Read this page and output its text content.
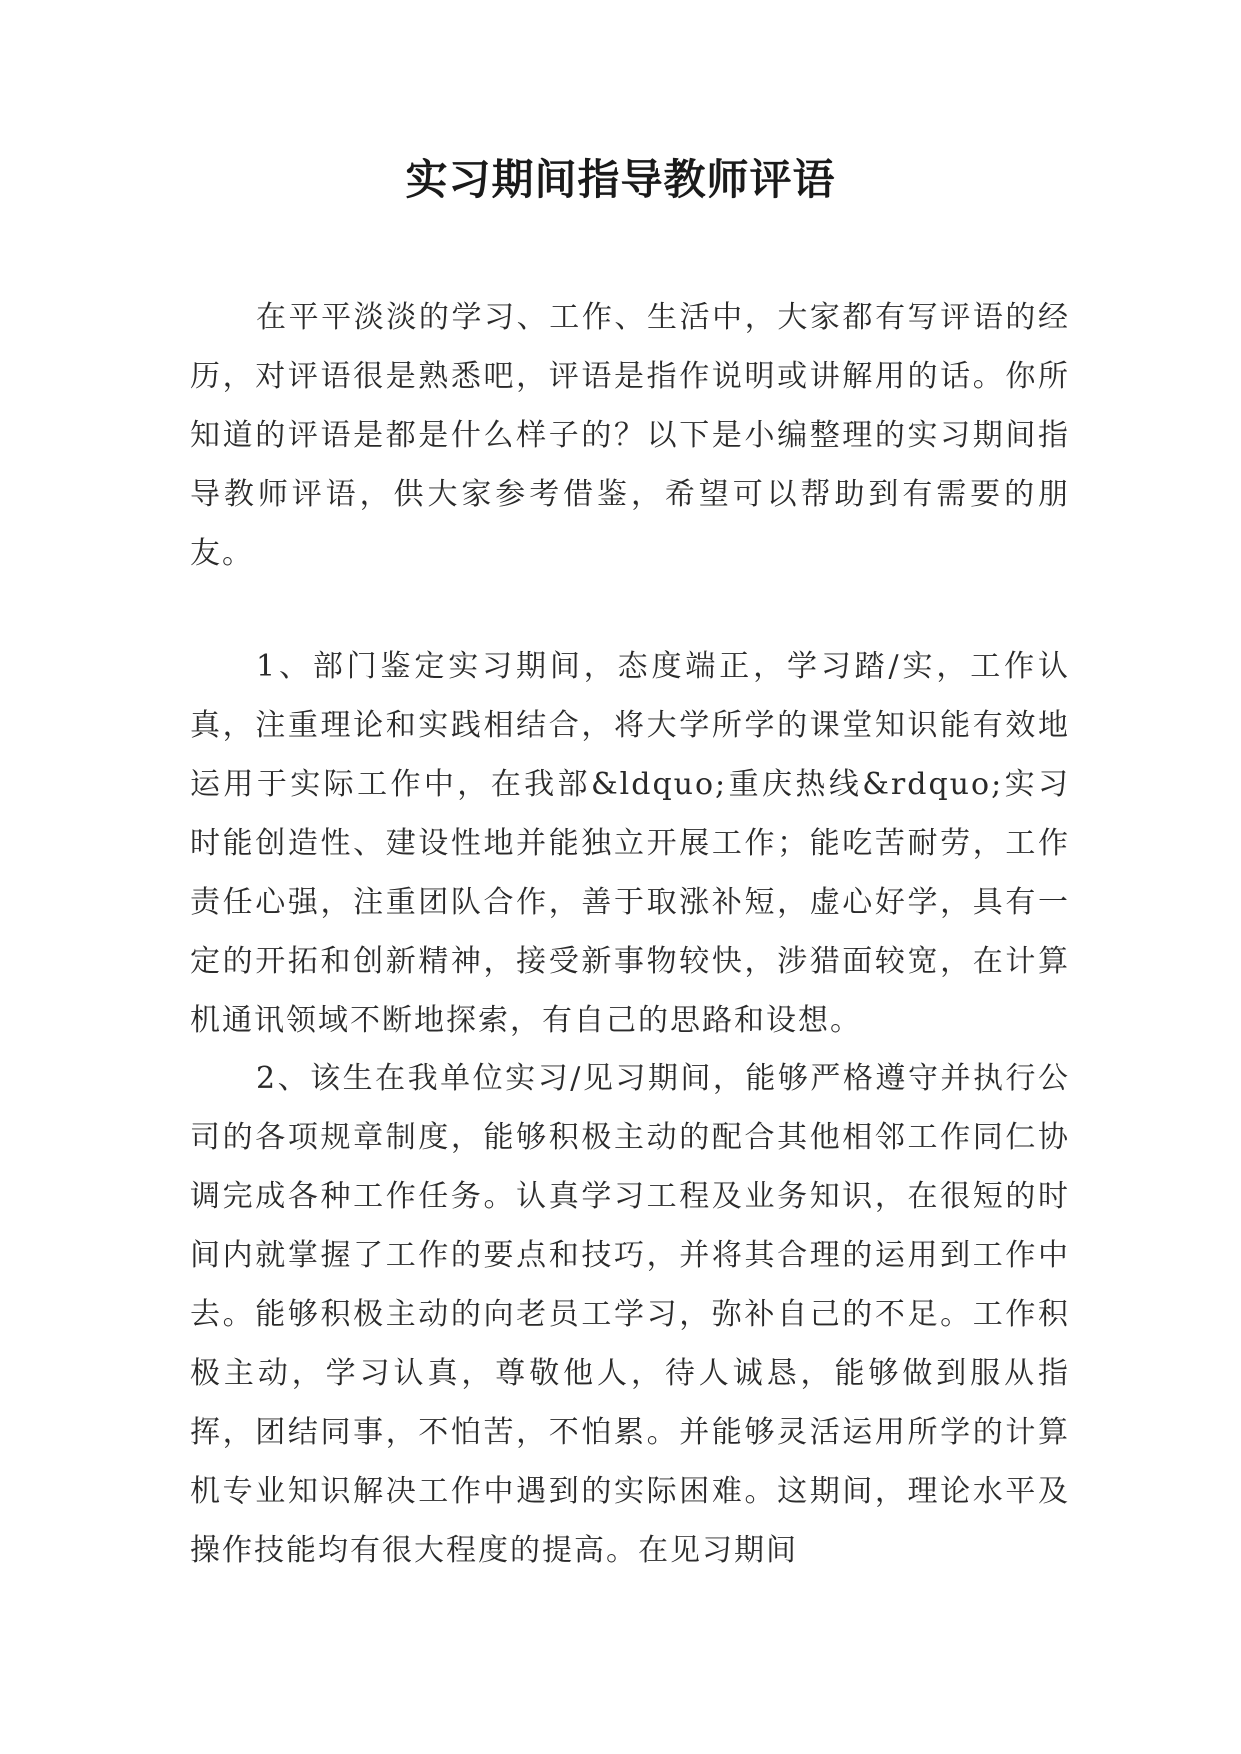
实习期间指导教师评语

在平平淡淡的学习、工作、生活中，大家都有写评语的经历，对评语很是熟悉吧，评语是指作说明或讲解用的话。你所知道的评语是都是什么样子的？以下是小编整理的实习期间指导教师评语，供大家参考借鉴，希望可以帮助到有需要的朋友。

1、部门鉴定实习期间，态度端正，学习踏/实，工作认真，注重理论和实践相结合，将大学所学的课堂知识能有效地运用于实际工作中，在我部&ldquo;重庆热线&rdquo;实习时能创造性、建设性地并能独立开展工作；能吃苦耐劳，工作责任心强，注重团队合作，善于取涨补短，虚心好学，具有一定的开拓和创新精神，接受新事物较快，涉猎面较宽，在计算机通讯领域不断地探索，有自己的思路和设想。

2、该生在我单位实习/见习期间，能够严格遵守并执行公司的各项规章制度，能够积极主动的配合其他相邻工作同仁协调完成各种工作任务。认真学习工程及业务知识，在很短的时间内就掌握了工作的要点和技巧，并将其合理的运用到工作中去。能够积极主动的向老员工学习，弥补自己的不足。工作积极主动，学习认真，尊敬他人，待人诚恳，能够做到服从指挥，团结同事，不怕苦，不怕累。并能够灵活运用所学的计算机专业知识解决工作中遇到的实际困难。这期间，理论水平及操作技能均有很大程度的提高。在见习期间
